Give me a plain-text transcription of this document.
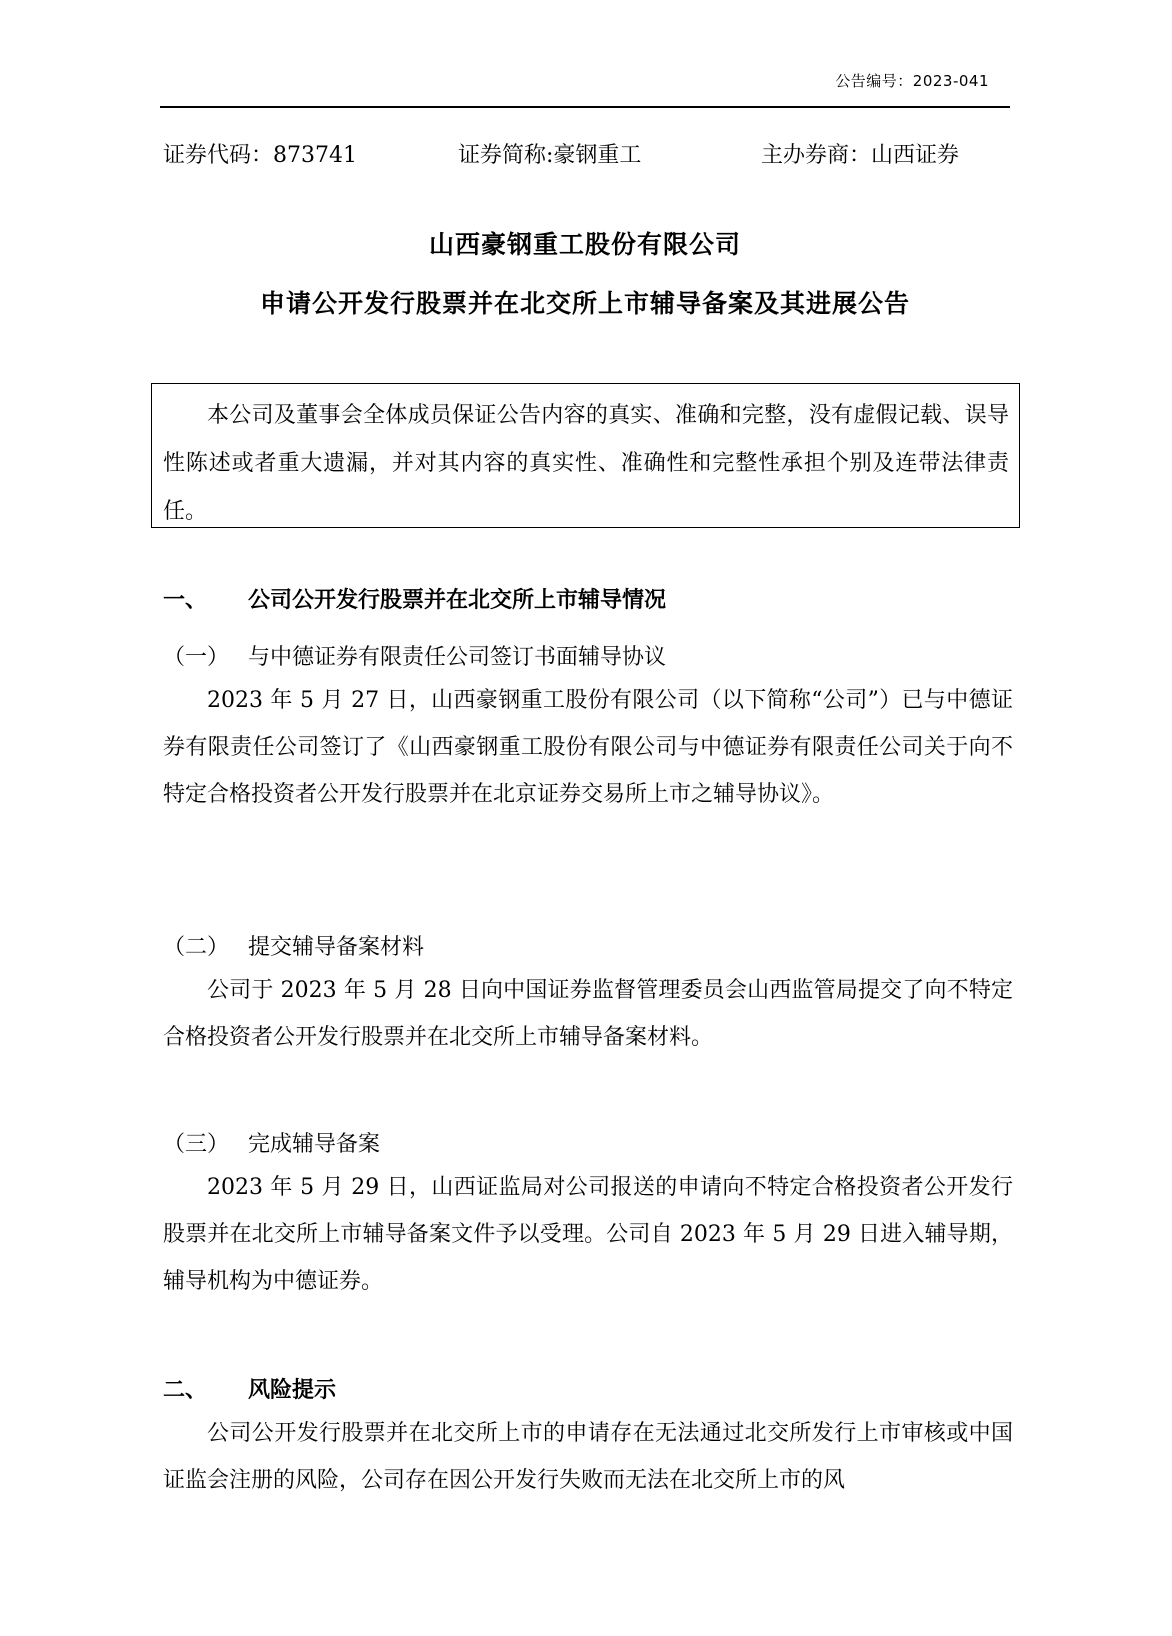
公告编号：2023-041
证券代码：873741	证券简称:豪钢重工	主办券商：山西证券
山西豪钢重工股份有限公司
申请公开发行股票并在北交所上市辅导备案及其进展公告

本公司及董事会全体成员保证公告内容的真实、准确和完整，没有虚假记载、误导性陈述或者重大遗漏，并对其内容的真实性、准确性和完整性承担个别及连带法律责任。

一、 公司公开发行股票并在北交所上市辅导情况
（一） 与中德证券有限责任公司签订书面辅导协议

2023 年 5 月 27 日，山西豪钢重工股份有限公司（以下简称“公司”）已与中德证券有限责任公司签订了《山西豪钢重工股份有限公司与中德证券有限责任公司关于向不特定合格投资者公开发行股票并在北京证券交易所上市之辅导协议》。

（二） 提交辅导备案材料

公司于 2023 年 5 月 28 日向中国证券监督管理委员会山西监管局提交了向不特定合格投资者公开发行股票并在北交所上市辅导备案材料。

（三） 完成辅导备案

2023 年 5 月 29 日，山西证监局对公司报送的申请向不特定合格投资者公开发行股票并在北交所上市辅导备案文件予以受理。公司自 2023 年 5 月 29 日进入辅导期，辅导机构为中德证券。

二、 风险提示

公司公开发行股票并在北交所上市的申请存在无法通过北交所发行上市审核或中国证监会注册的风险，公司存在因公开发行失败而无法在北交所上市的风
